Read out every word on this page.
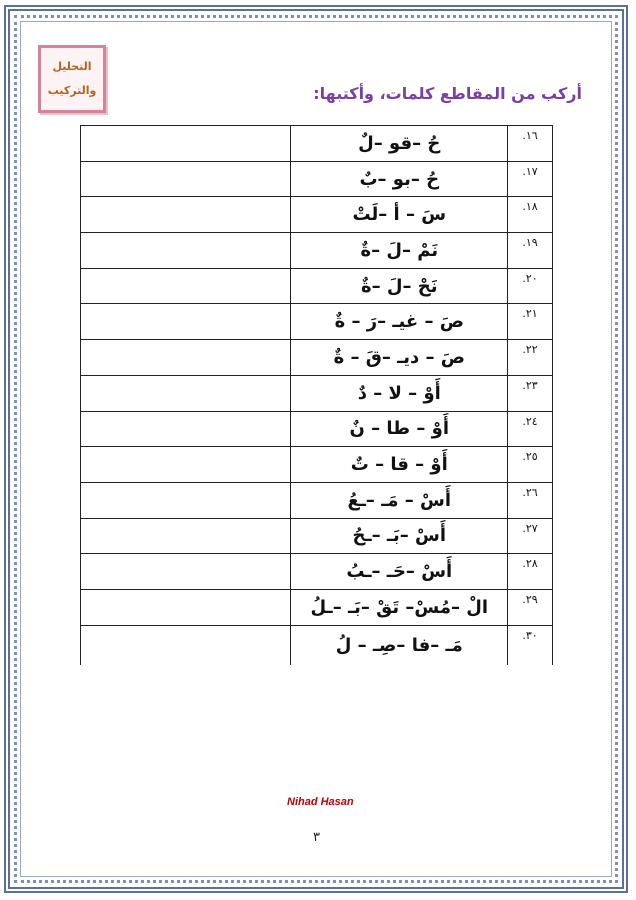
التحليل
والتركيب	أركب من المقاطع كلمات، وأكتبها:
	حُ –قو –لٌ	.١٦
	حُ –بو –بٌ	.١٧
	سَ – أ –لَتْ	.١٨
	نَمْ –لَ –ةٌ	.١٩
	نَحْ –لَ –ةٌ	.٢٠
	صَ – غيـ –رَ – ةٌ	.٢١
	صَ – ديـ –قَ – ةٌ	.٢٢
	أَوْ – لا – دٌ	.٢٣
	أَوْ – طا – نٌ	.٢٤
	أَوْ – قا – تٌ	.٢٥
	أَسْ – مَـ –ـعُ	.٢٦
	أَسْ –بَـ –ـحُ	.٢٧
	أَسْ –حَـ –ـبُ	.٢٨
	الْ –مُسْ– تَقْ –بَـ –ـلُ	.٢٩
	مَـ –فا –صِـ – لُ	.٣٠
Nihad Hasan
٣
